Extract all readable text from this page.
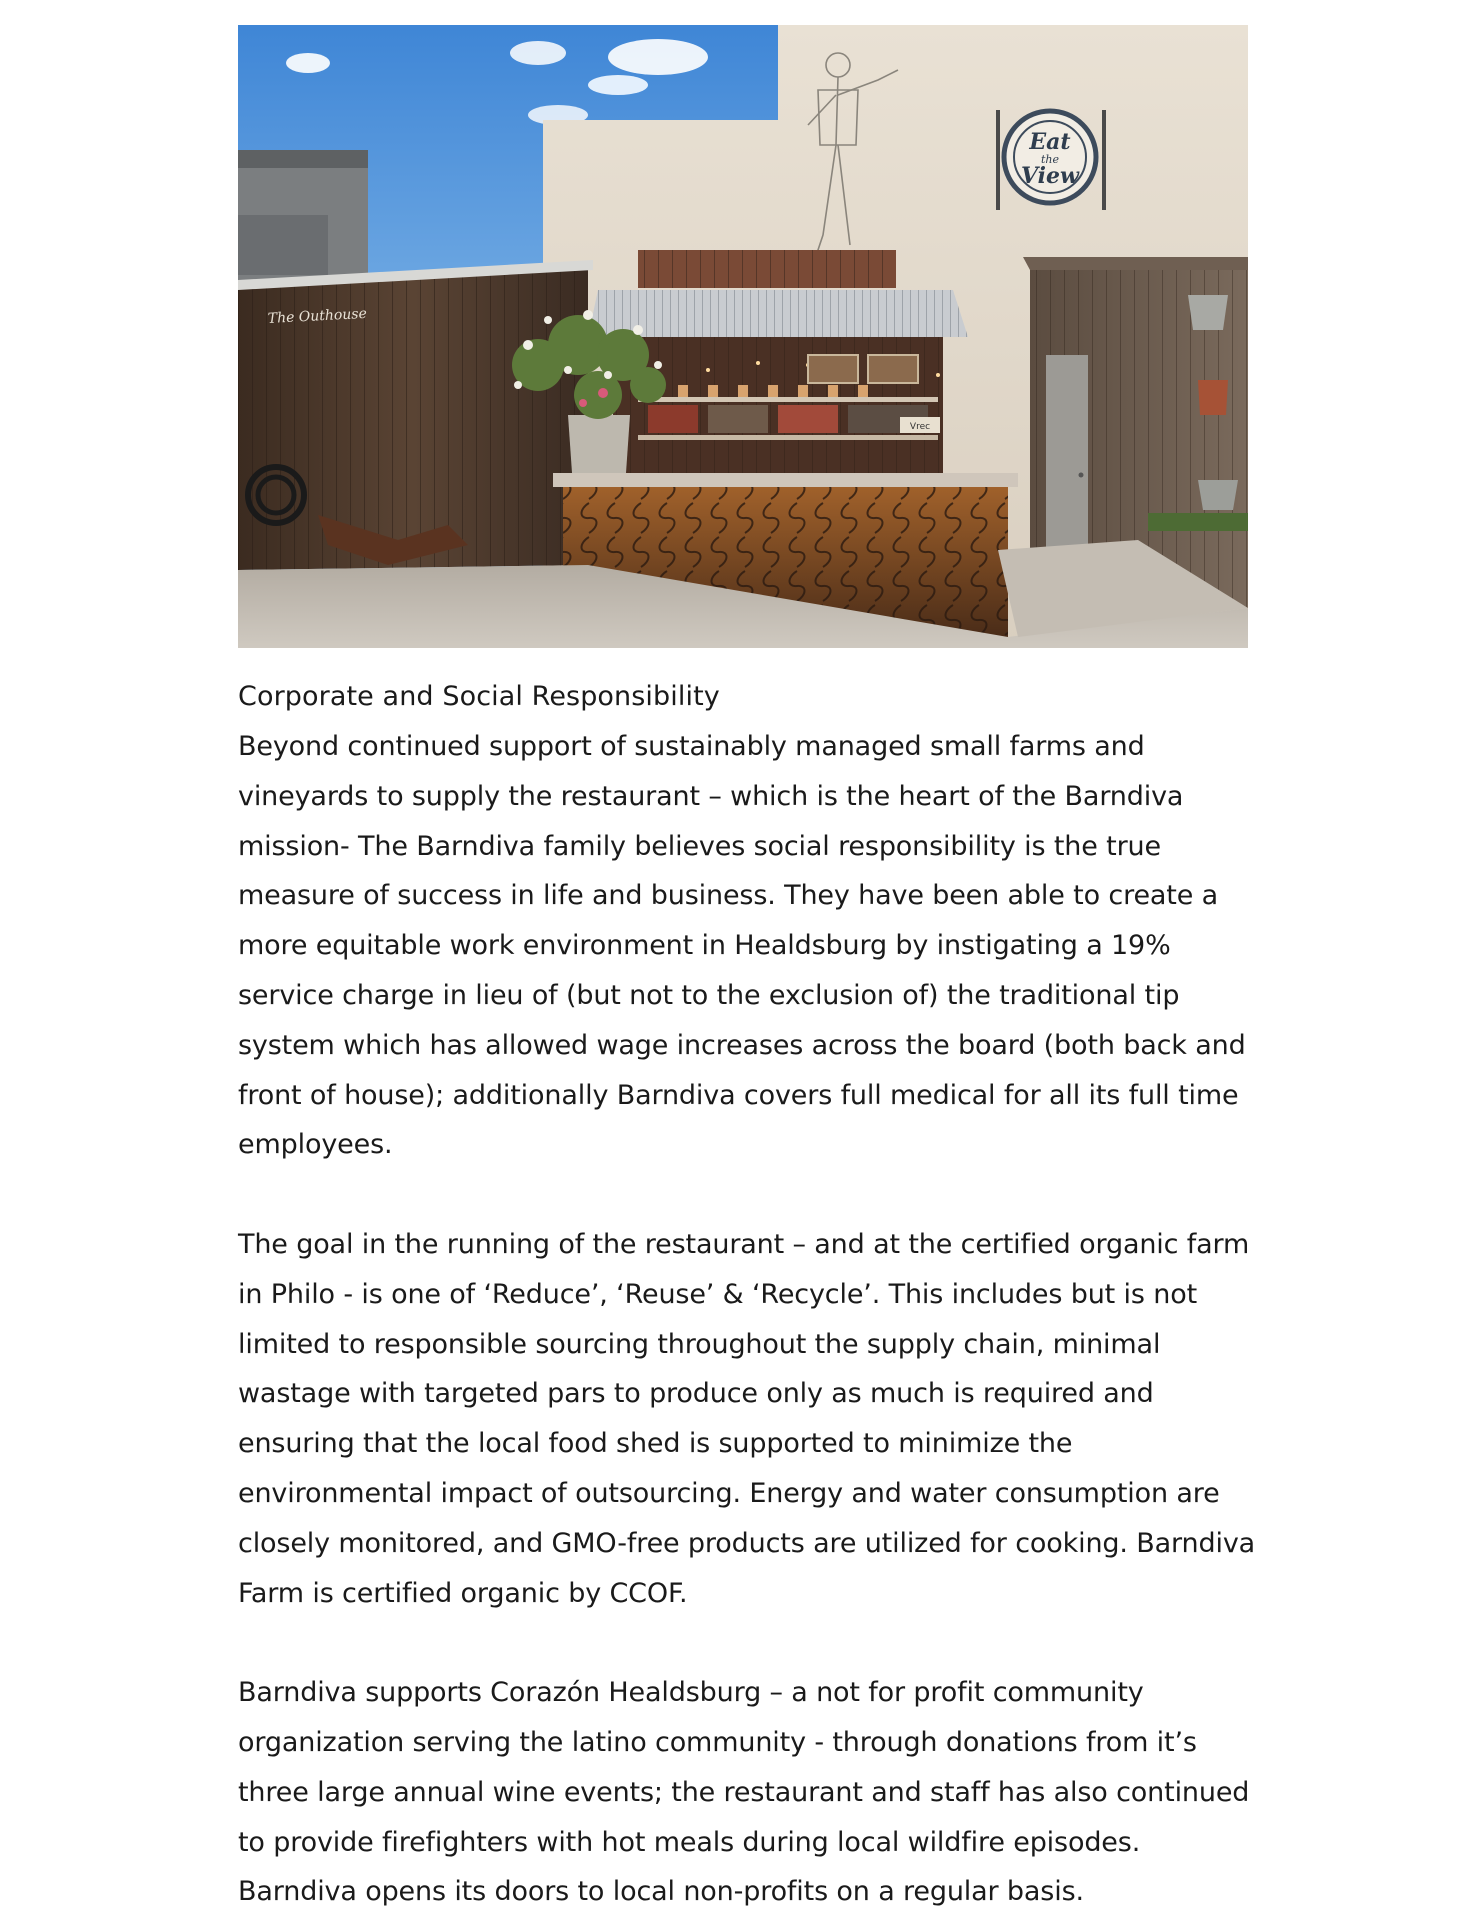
Eat
the
View
The Outhouse
Vrec

Corporate and Social Responsibility

Beyond continued support of sustainably managed small farms and vineyards to supply the restaurant – which is the heart of the Barndiva mission- The Barndiva family believes social responsibility is the true measure of success in life and business. They have been able to create a more equitable work environment in Healdsburg by instigating a 19% service charge in lieu of (but not to the exclusion of) the traditional tip system which has allowed wage increases across the board (both back and front of house); additionally Barndiva covers full medical for all its full time employees.

The goal in the running of the restaurant – and at the certified organic farm in Philo - is one of ‘Reduce’, ‘Reuse’ & ‘Recycle’. This includes but is not limited to responsible sourcing throughout the supply chain, minimal wastage with targeted pars to produce only as much is required and ensuring that the local food shed is supported to minimize the environmental impact of outsourcing. Energy and water consumption are closely monitored, and GMO-free products are utilized for cooking. Barndiva Farm is certified organic by CCOF.

Barndiva supports Corazón Healdsburg – a not for profit community organization serving the latino community - through donations from it’s three large annual wine events; the restaurant and staff has also continued to provide firefighters with hot meals during local wildfire episodes. Barndiva opens its doors to local non-profits on a regular basis.
